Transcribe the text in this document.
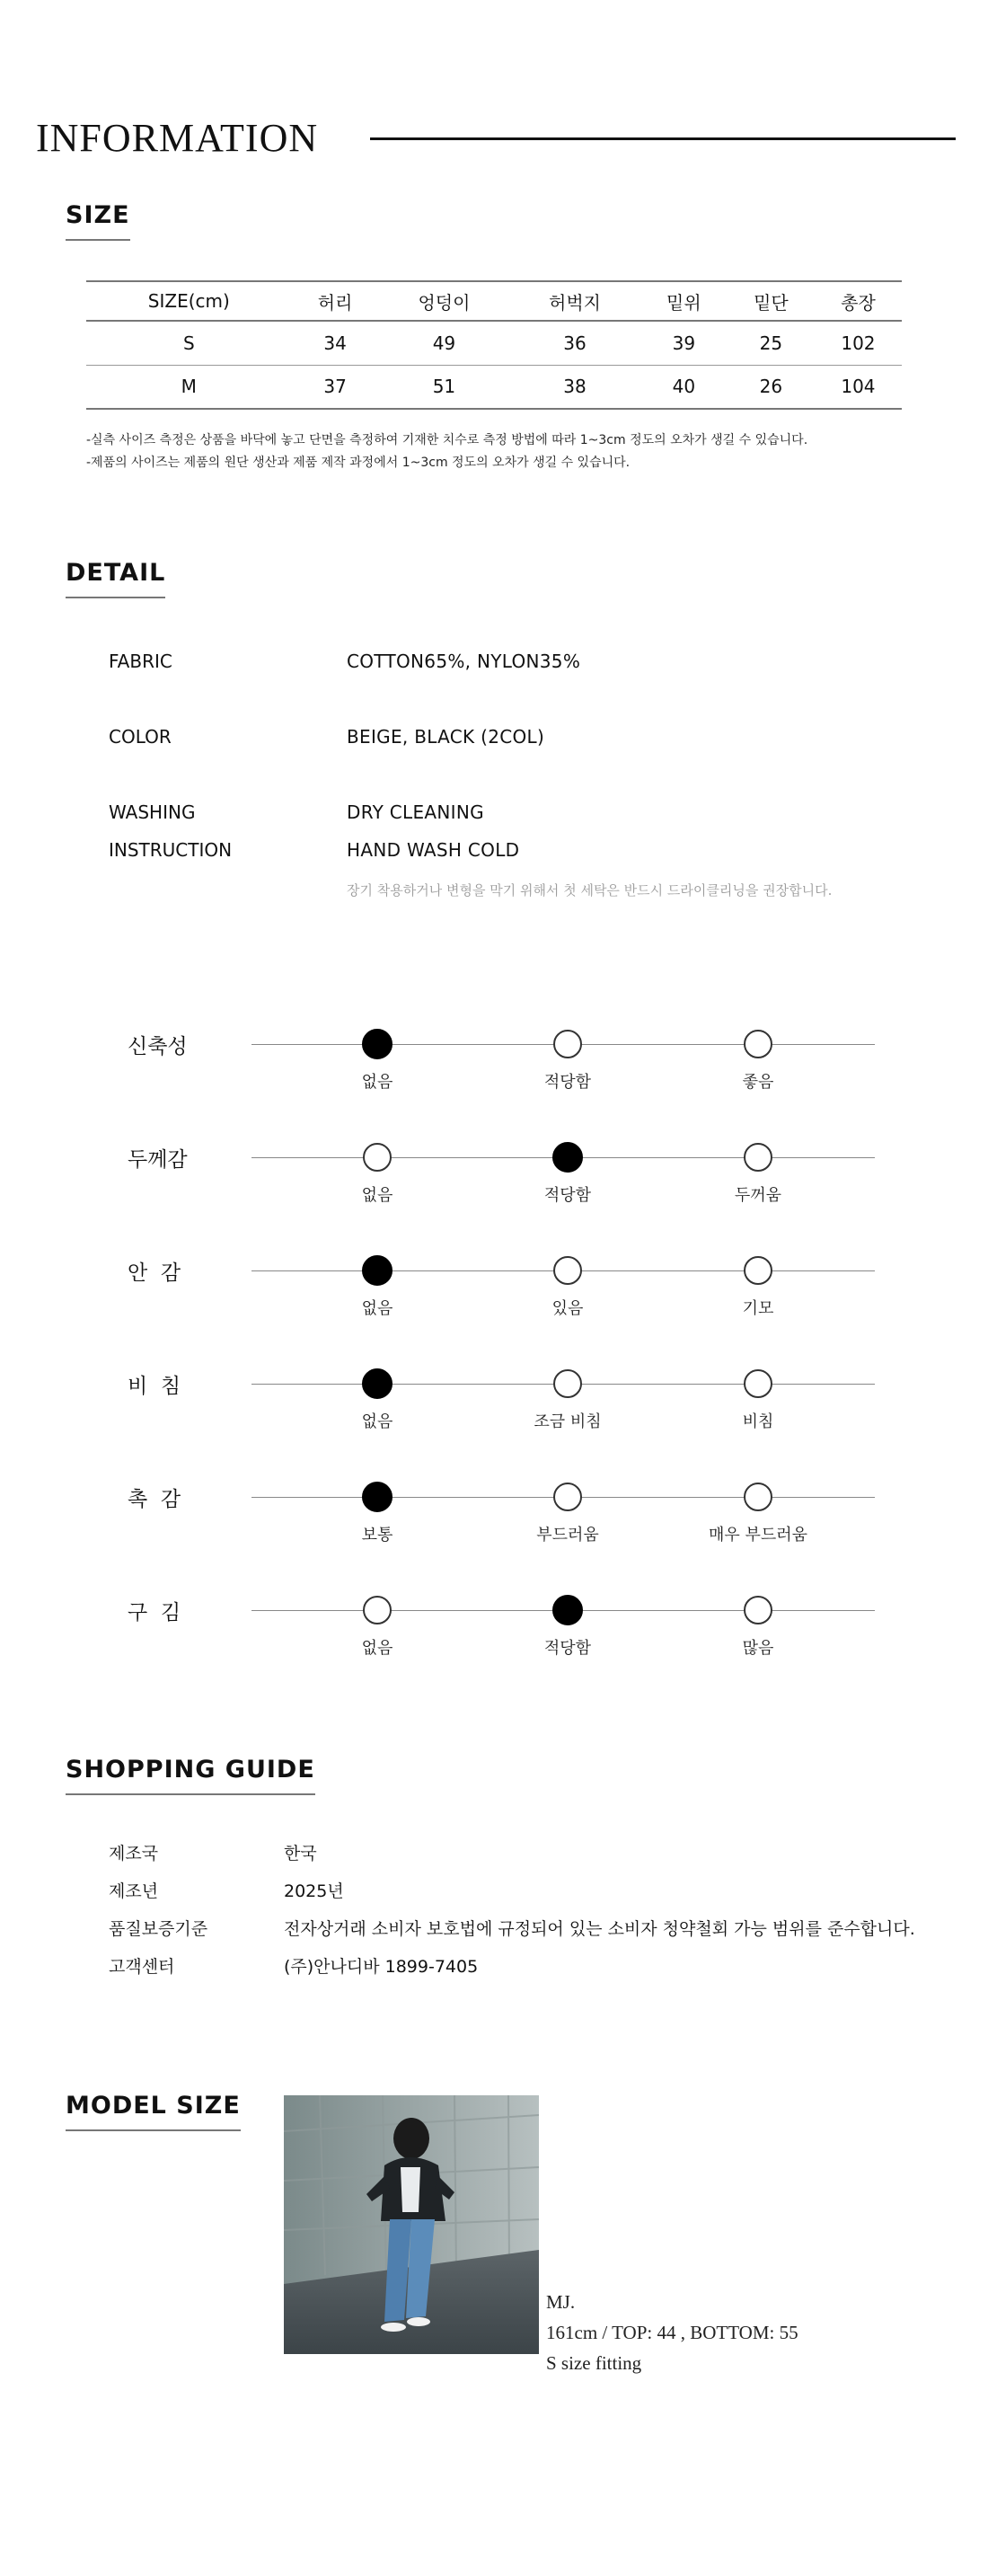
INFORMATION
SIZE
SIZE(cm)	허리	엉덩이	허벅지	밑위	밑단	총장
S	34	49	36	39	25	102
M	37	51	38	40	26	104
-실측 사이즈 측정은 상품을 바닥에 놓고 단면을 측정하여 기재한 치수로 측정 방법에 따라 1~3cm 정도의 오차가 생길 수 있습니다.
-제품의 사이즈는 제품의 원단 생산과 제품 제작 과정에서 1~3cm 정도의 오차가 생길 수 있습니다.
DETAIL
FABRIC	COTTON65%, NYLON35%
COLOR	BEIGE, BLACK (2COL)
WASHING	DRY CLEANING
INSTRUCTION	HAND WASH COLD
장기 착용하거나 변형을 막기 위해서 첫 세탁은 반드시 드라이클리닝을 권장합니다.
신축성
없음	적당함	좋음
두께감
없음	적당함	두꺼움
안  감
없음	있음	기모
비  침
없음	조금 비침	비침
촉  감
보통	부드러움	매우 부드러움
구  김
없음	적당함	많음
SHOPPING GUIDE
제조국	한국
제조년	2025년
품질보증기준	전자상거래 소비자 보호법에 규정되어 있는 소비자 청약철회 가능 범위를 준수합니다.
고객센터	(주)안나디바 1899-7405
MODEL SIZE
MJ.
161cm / TOP: 44 , BOTTOM: 55
S size fitting
